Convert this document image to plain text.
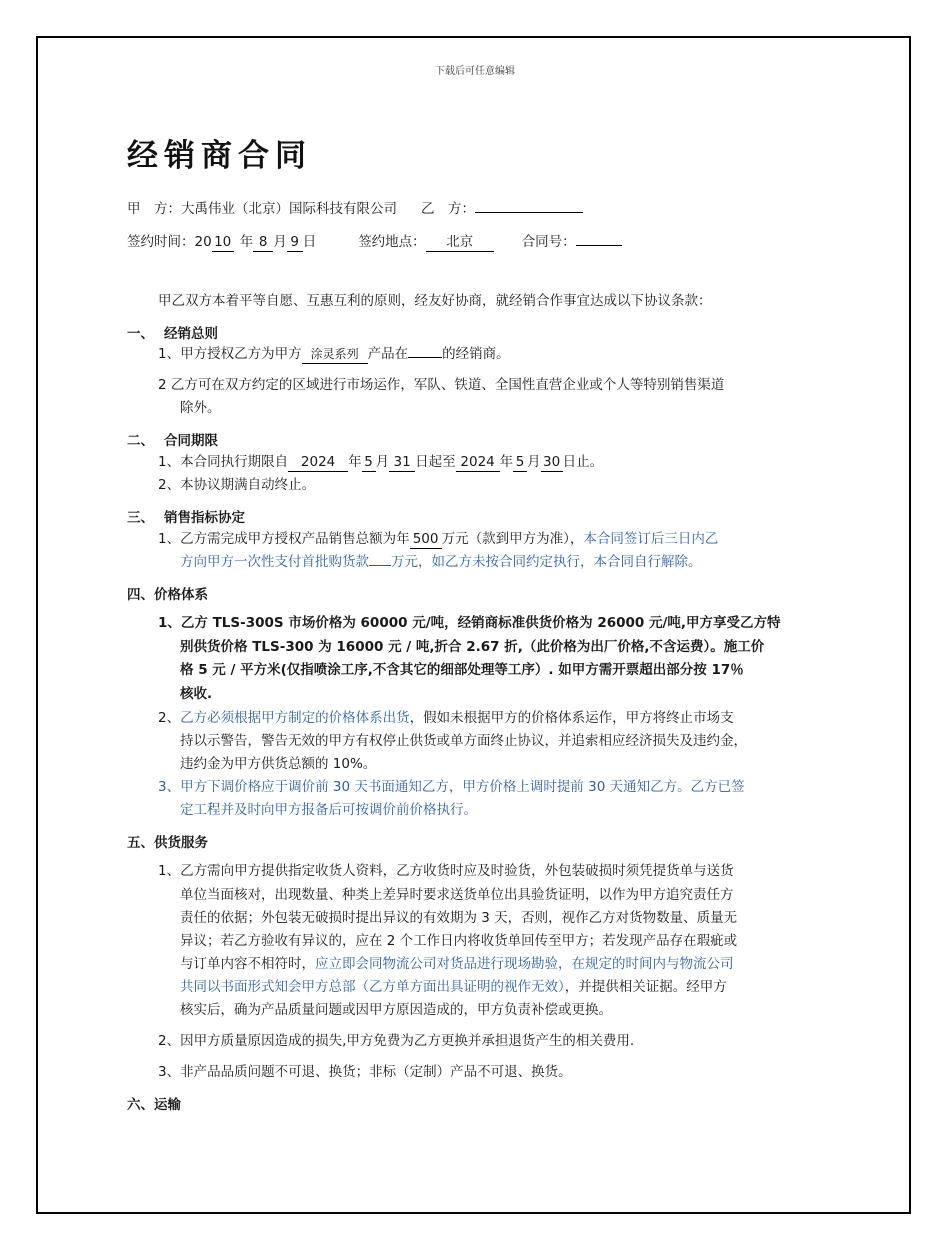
下载后可任意编辑
经销商合同
甲　方：大禹伟业（北京）国际科技有限公司 乙　方：
签约时间：20 10 年 8 月 9 日	签约地点： 北京	合同号：
甲乙双方本着平等自愿、互惠互利的原则，经友好协商，就经销合作事宜达成以下协议条款：
一、 经销总则
1、甲方授权乙方为甲方 涂灵系列 产品在	的经销商。
2 乙方可在双方约定的区域进行市场运作，军队、铁道、全国性直营企业或个人等特别销售渠道
除外。
二、 合同期限
1、本合同执行期限自 2024 年 5 月 31 日起至 2024 年 5 月 30 日止。
2、本协议期满自动终止。
三、 销售指标协定
1、乙方需完成甲方授权产品销售总额为年 500 万元（款到甲方为准），本合同签订后三日内乙
方向甲方一次性支付首批购货款 万元，如乙方未按合同约定执行，本合同自行解除。
四、价格体系
1、乙方 TLS-300S 市场价格为 60000 元/吨，经销商标准供货价格为 26000 元/吨,甲方享受乙方特
别供货价格 TLS-300 为 16000 元 / 吨,折合 2.67 折,（此价格为出厂价格,不含运费）。施工价
格 5 元 / 平方米(仅指喷涂工序,不含其它的细部处理等工序）. 如甲方需开票超出部分按 17％
核收.
2、乙方必须根据甲方制定的价格体系出货，假如未根据甲方的价格体系运作，甲方将终止市场支
持以示警告，警告无效的甲方有权停止供货或单方面终止协议，并追索相应经济损失及违约金，
违约金为甲方供货总额的 10%。
3、甲方下调价格应于调价前 30 天书面通知乙方，甲方价格上调时提前 30 天通知乙方。乙方已签
定工程并及时向甲方报备后可按调价前价格执行。
五、供货服务
1、乙方需向甲方提供指定收货人资料，乙方收货时应及时验货，外包装破损时须凭提货单与送货
单位当面核对，出现数量、种类上差异时要求送货单位出具验货证明，以作为甲方追究责任方
责任的依据；外包装无破损时提出异议的有效期为 3 天，否则，视作乙方对货物数量、质量无
异议；若乙方验收有异议的，应在 2 个工作日内将收货单回传至甲方；若发现产品存在瑕疵或
与订单内容不相符时，应立即会同物流公司对货品进行现场勘验，在规定的时间内与物流公司
共同以书面形式知会甲方总部（乙方单方面出具证明的视作无效），并提供相关证据。经甲方
核实后，确为产品质量问题或因甲方原因造成的，甲方负责补偿或更换。
2、因甲方质量原因造成的损失,甲方免费为乙方更换并承担退货产生的相关费用.
3、非产品品质问题不可退、换货；非标（定制）产品不可退、换货。
六、运输
